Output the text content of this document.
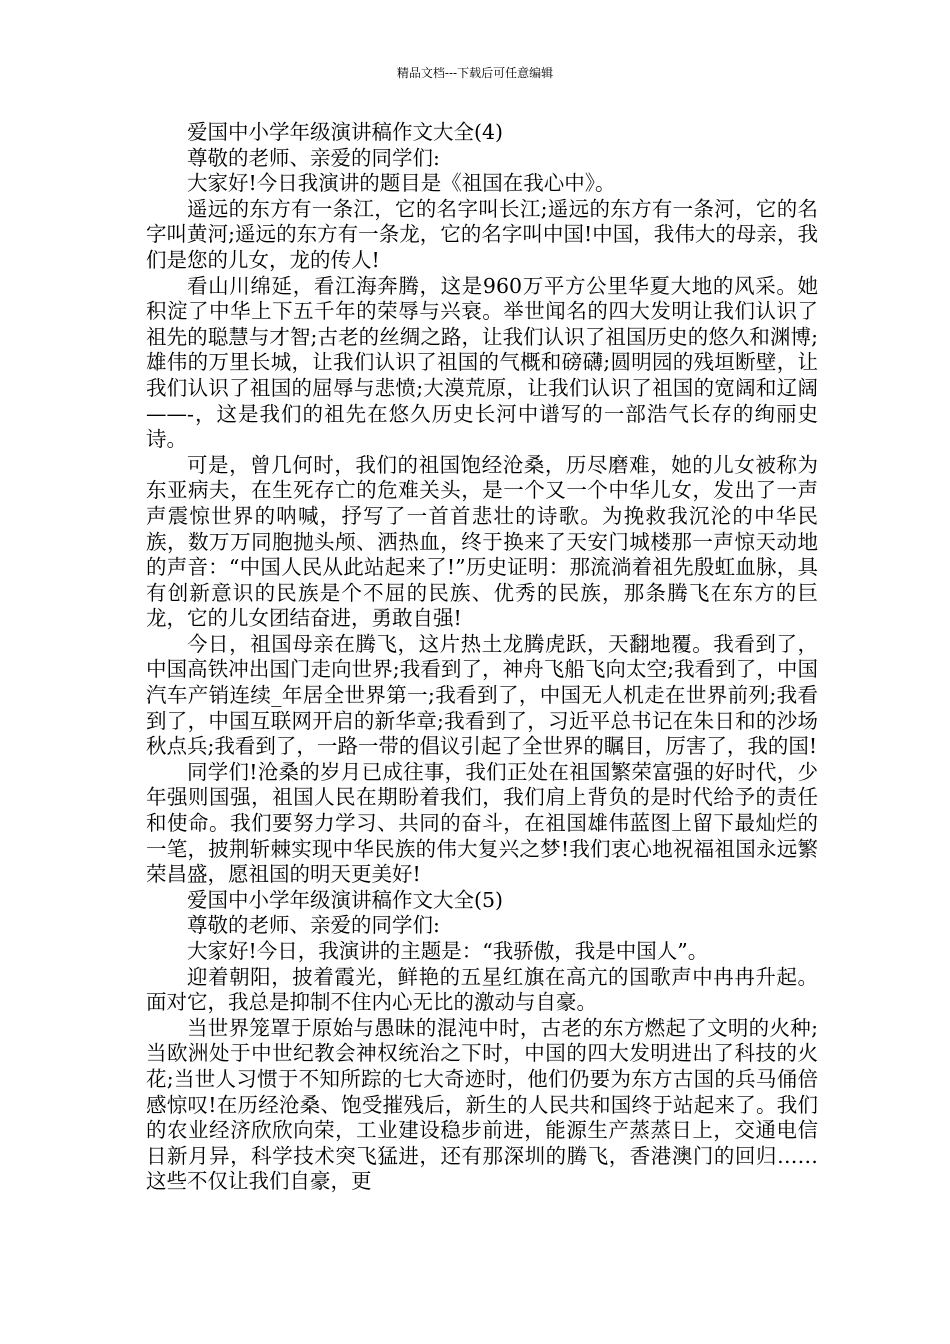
精品文档---下载后可任意编辑

爱国中小学年级演讲稿作文大全(4)

尊敬的老师、亲爱的同学们:

大家好!今日我演讲的题目是《祖国在我心中》。

遥远的东方有一条江，它的名字叫长江;遥远的东方有一条河，它的名字叫黄河;遥远的东方有一条龙，它的名字叫中国!中国，我伟大的母亲，我们是您的儿女，龙的传人!

看山川绵延，看江海奔腾，这是960万平方公里华夏大地的风采。她积淀了中华上下五千年的荣辱与兴衰。举世闻名的四大发明让我们认识了祖先的聪慧与才智;古老的丝绸之路，让我们认识了祖国历史的悠久和渊博;雄伟的万里长城，让我们认识了祖国的气概和磅礴;圆明园的残垣断壁，让我们认识了祖国的屈辱与悲愤;大漠荒原，让我们认识了祖国的宽阔和辽阔——-，这是我们的祖先在悠久历史长河中谱写的一部浩气长存的绚丽史诗。

可是，曾几何时，我们的祖国饱经沧桑，历尽磨难，她的儿女被称为东亚病夫，在生死存亡的危难关头，是一个又一个中华儿女，发出了一声声震惊世界的呐喊，抒写了一首首悲壮的诗歌。为挽救我沉沦的中华民族，数万万同胞抛头颅、洒热血，终于换来了天安门城楼那一声惊天动地的声音：“中国人民从此站起来了!”历史证明：那流淌着祖先殷虹血脉，具有创新意识的民族是个不屈的民族、优秀的民族，那条腾飞在东方的巨龙，它的儿女团结奋进，勇敢自强!

今日，祖国母亲在腾飞，这片热土龙腾虎跃，天翻地覆。我看到了，中国高铁冲出国门走向世界;我看到了，神舟飞船飞向太空;我看到了，中国汽车产销连续_年居全世界第一;我看到了，中国无人机走在世界前列;我看到了，中国互联网开启的新华章;我看到了，习近平总书记在朱日和的沙场秋点兵;我看到了，一路一带的倡议引起了全世界的瞩目，厉害了，我的国!

同学们!沧桑的岁月已成往事，我们正处在祖国繁荣富强的好时代，少年强则国强，祖国人民在期盼着我们，我们肩上背负的是时代给予的责任和使命。我们要努力学习、共同的奋斗，在祖国雄伟蓝图上留下最灿烂的一笔，披荆斩棘实现中华民族的伟大复兴之梦!我们衷心地祝福祖国永远繁荣昌盛，愿祖国的明天更美好!

爱国中小学年级演讲稿作文大全(5)

尊敬的老师、亲爱的同学们:

大家好!今日，我演讲的主题是：“我骄傲，我是中国人”。

迎着朝阳，披着霞光，鲜艳的五星红旗在高亢的国歌声中冉冉升起。面对它，我总是抑制不住内心无比的激动与自豪。

当世界笼罩于原始与愚昧的混沌中时，古老的东方燃起了文明的火种;当欧洲处于中世纪教会神权统治之下时，中国的四大发明进出了科技的火花;当世人习惯于不知所踪的七大奇迹时，他们仍要为东方古国的兵马俑倍感惊叹!在历经沧桑、饱受摧残后，新生的人民共和国终于站起来了。我们的农业经济欣欣向荣，工业建设稳步前进，能源生产蒸蒸日上，交通电信日新月异，科学技术突飞猛进，还有那深圳的腾飞，香港澳门的回归……这些不仅让我们自豪，更
